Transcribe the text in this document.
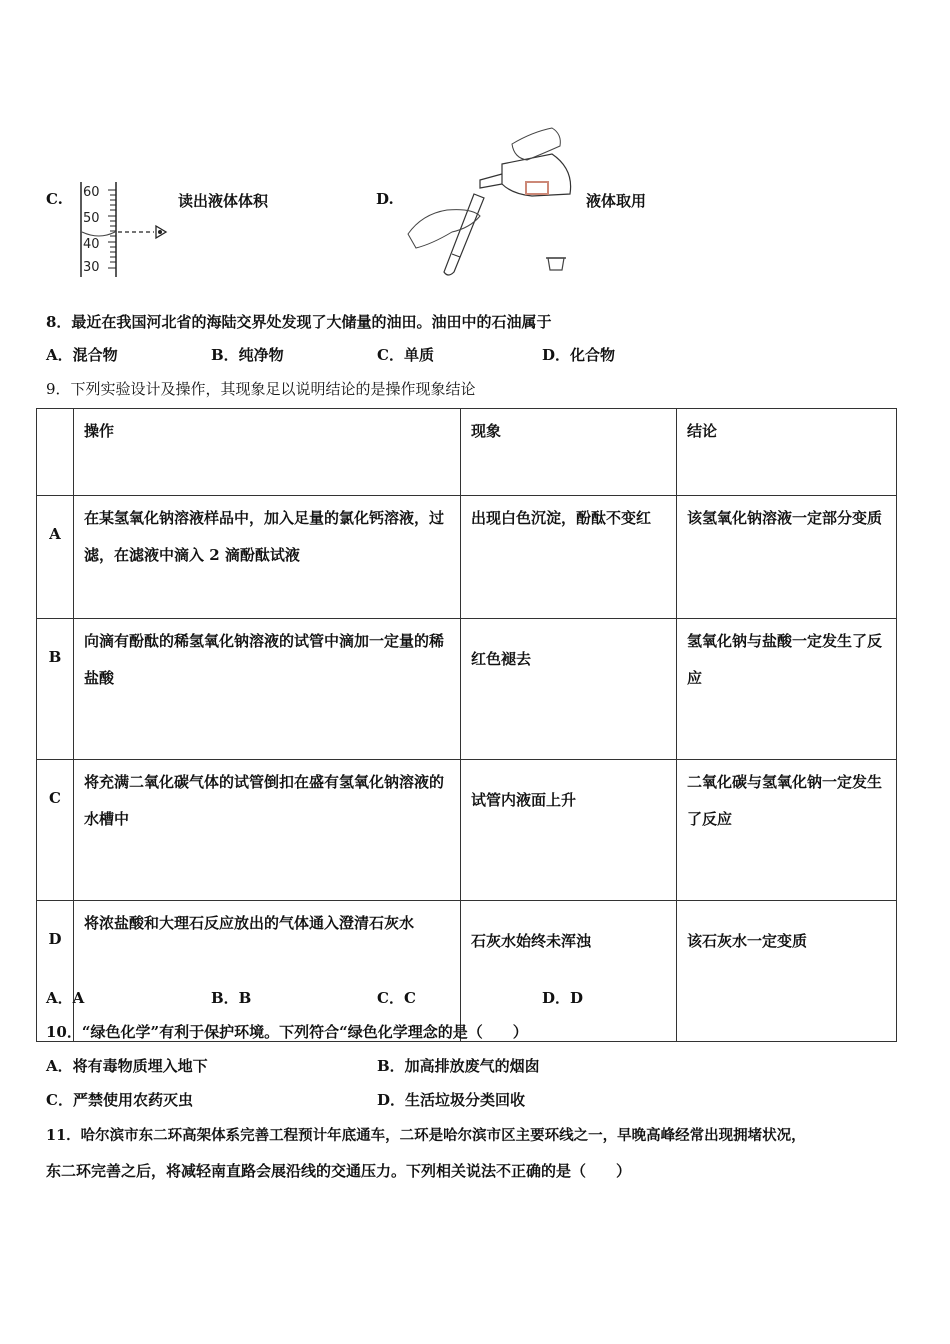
C. 60
50
40
30
读出液体体积	D.	液体取用
8．最近在我国河北省的海陆交界处发现了大储量的油田。油田中的石油属于
A．混合物	B．纯净物	C．单质	D．化合物
9．下列实验设计及操作，其现象足以说明结论的是操作现象结论
	操作	现象	结论

A	在某氢氧化钠溶液样品中，加入足量的氯化钙溶液，过滤，在滤液中滴入 2 滴酚酞试液	出现白色沉淀，酚酞不变红	该氢氧化钠溶液一定部分变质

B	向滴有酚酞的稀氢氧化钠溶液的试管中滴加一定量的稀盐酸	红色褪去	氢氧化钠与盐酸一定发生了反应

C	将充满二氧化碳气体的试管倒扣在盛有氢氧化钠溶液的水槽中	试管内液面上升	二氧化碳与氢氧化钠一定发生了反应

D	将浓盐酸和大理石反应放出的气体通入澄清石灰水	石灰水始终未浑浊	该石灰水一定变质
A．A	B．B	C．C	D．D
10．“绿色化学”有利于保护环境。下列符合“绿色化学理念的是（　　）
A．将有毒物质埋入地下	B．加高排放废气的烟囱
C．严禁使用农药灭虫	D．生活垃圾分类回收
11．哈尔滨市东二环高架体系完善工程预计年底通车，二环是哈尔滨市区主要环线之一，早晚高峰经常出现拥堵状况，
东二环完善之后，将减轻南直路会展沿线的交通压力。下列相关说法不正确的是（　　）
